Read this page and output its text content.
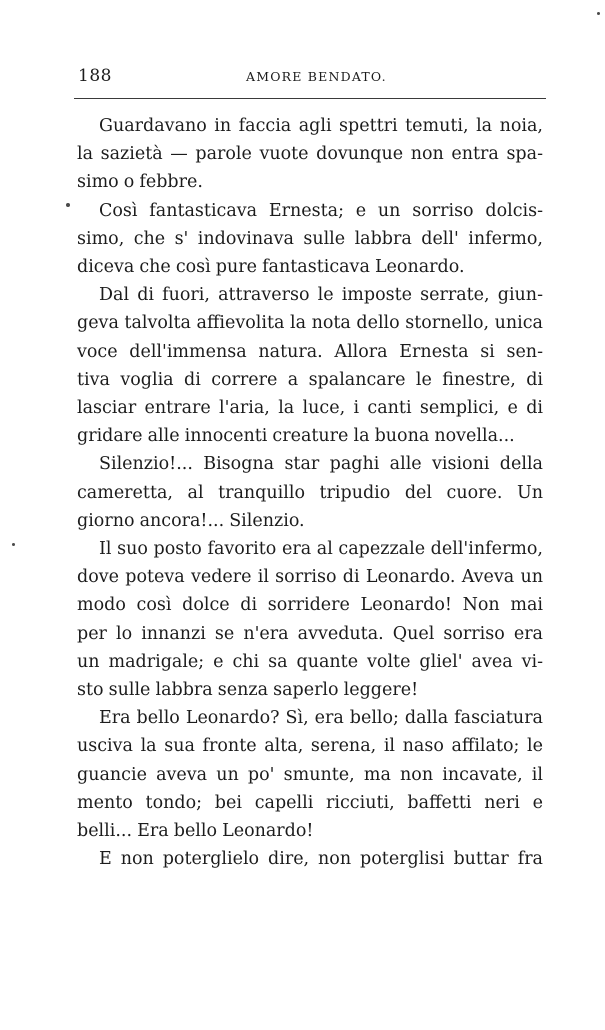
188	AMORE BENDATO.
Guardavano in faccia agli spettri temuti, la noia,
la sazietà — parole vuote dovunque non entra spa-
simo o febbre.
Così fantasticava Ernesta; e un sorriso dolcis-
simo, che s' indovinava sulle labbra dell' infermo,
diceva che così pure fantasticava Leonardo.
Dal di fuori, attraverso le imposte serrate, giun-
geva talvolta affievolita la nota dello stornello, unica
voce dell'immensa natura. Allora Ernesta si sen-
tiva voglia di correre a spalancare le finestre, di
lasciar entrare l'aria, la luce, i canti semplici, e di
gridare alle innocenti creature la buona novella...
Silenzio!... Bisogna star paghi alle visioni della
cameretta, al tranquillo tripudio del cuore. Un
giorno ancora!... Silenzio.
Il suo posto favorito era al capezzale dell'infermo,
dove poteva vedere il sorriso di Leonardo. Aveva un
modo così dolce di sorridere Leonardo! Non mai
per lo innanzi se n'era avveduta. Quel sorriso era
un madrigale; e chi sa quante volte gliel' avea vi-
sto sulle labbra senza saperlo leggere!
Era bello Leonardo? Sì, era bello; dalla fasciatura
usciva la sua fronte alta, serena, il naso affilato; le
guancie aveva un po' smunte, ma non incavate, il
mento tondo; bei capelli ricciuti, baffetti neri e
belli... Era bello Leonardo!
E non poterglielo dire, non poterglisi buttar fra
